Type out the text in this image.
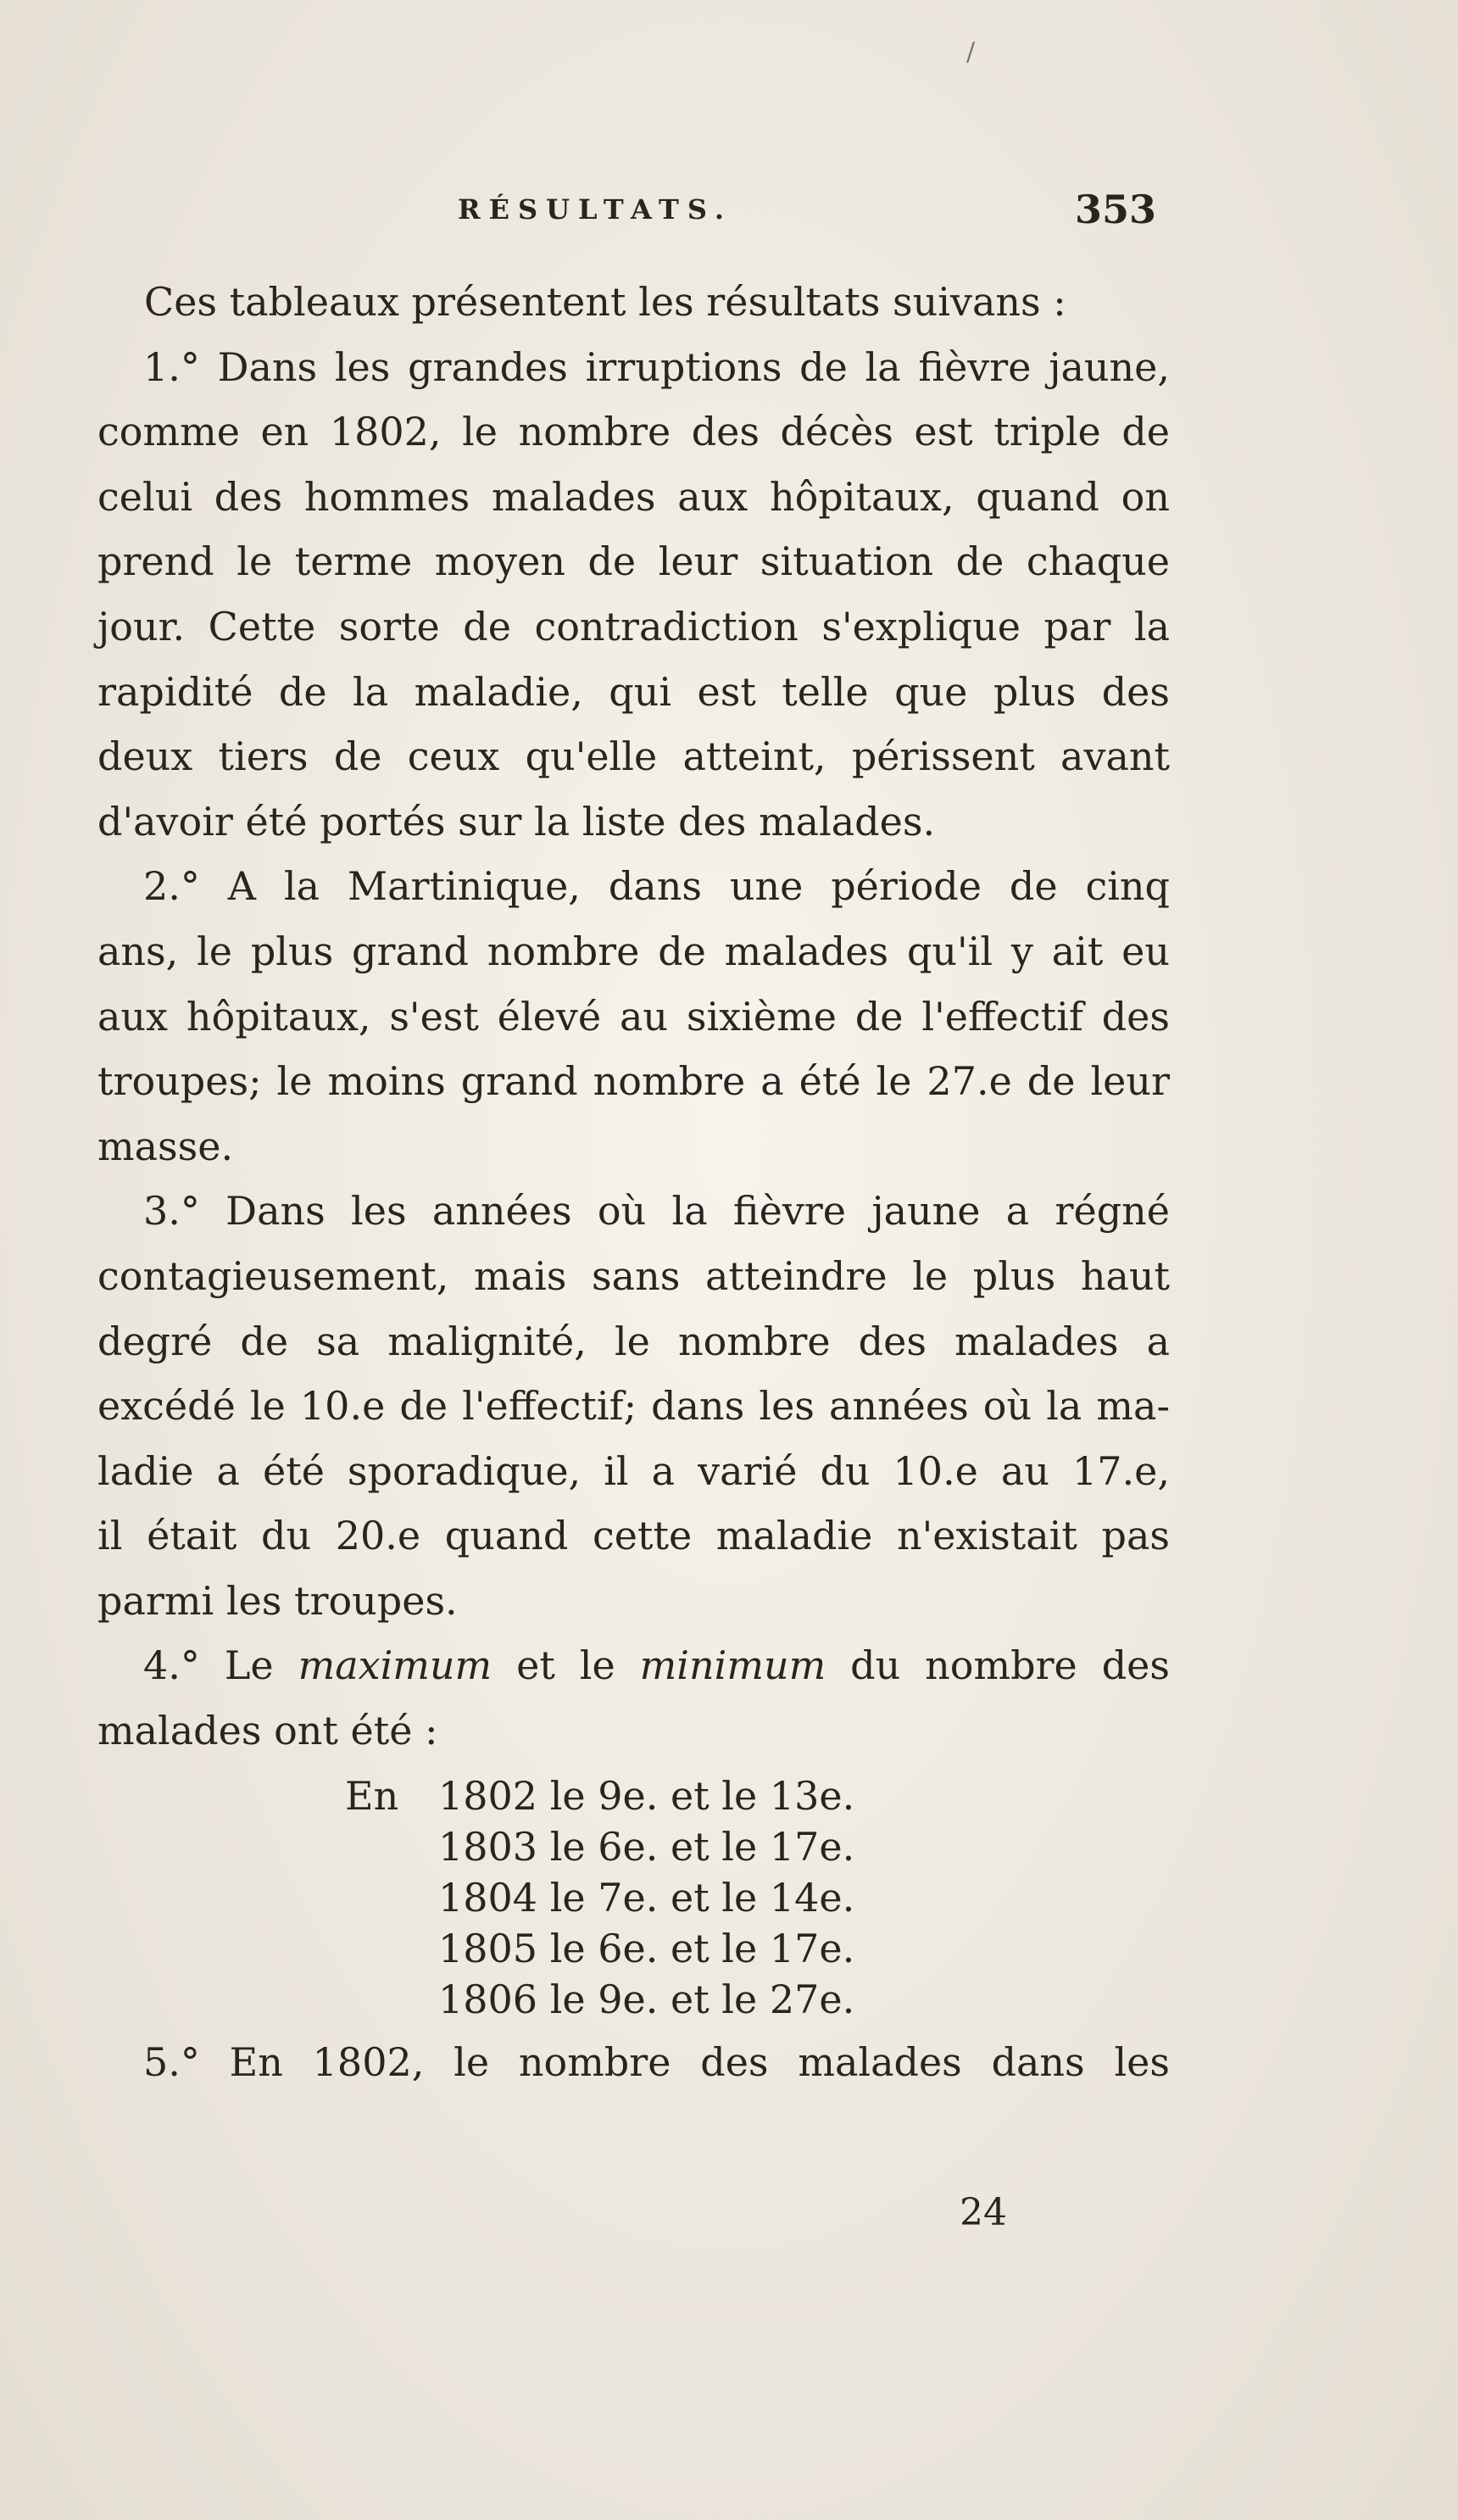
/
RÉSULTATS.	353
Ces tableaux présentent les résultats suivans :
1.° Dans les grandes irruptions de la fièvre jaune,
comme en 1802, le nombre des décès est triple de
celui des hommes malades aux hôpitaux, quand on
prend le terme moyen de leur situation de chaque
jour. Cette sorte de contradiction s'explique par la
rapidité de la maladie, qui est telle que plus des
deux tiers de ceux qu'elle atteint, périssent avant
d'avoir été portés sur la liste des malades.
2.° A la Martinique, dans une période de cinq
ans, le plus grand nombre de malades qu'il y ait eu
aux hôpitaux, s'est élevé au sixième de l'effectif des
troupes; le moins grand nombre a été le 27.e de leur
masse.
3.° Dans les années où la fièvre jaune a régné
contagieusement, mais sans atteindre le plus haut
degré de sa malignité, le nombre des malades a
excédé le 10.e de l'effectif; dans les années où la ma-
ladie a été sporadique, il a varié du 10.e au 17.e,
il était du 20.e quand cette maladie n'existait pas
parmi les troupes.
4.° Le maximum et le minimum du nombre des
malades ont été :
En 1802 le 9e. et le 13e.
1803 le 6e. et le 17e.
1804 le 7e. et le 14e.
1805 le 6e. et le 17e.
1806 le 9e. et le 27e.
5.° En 1802, le nombre des malades dans les
24
